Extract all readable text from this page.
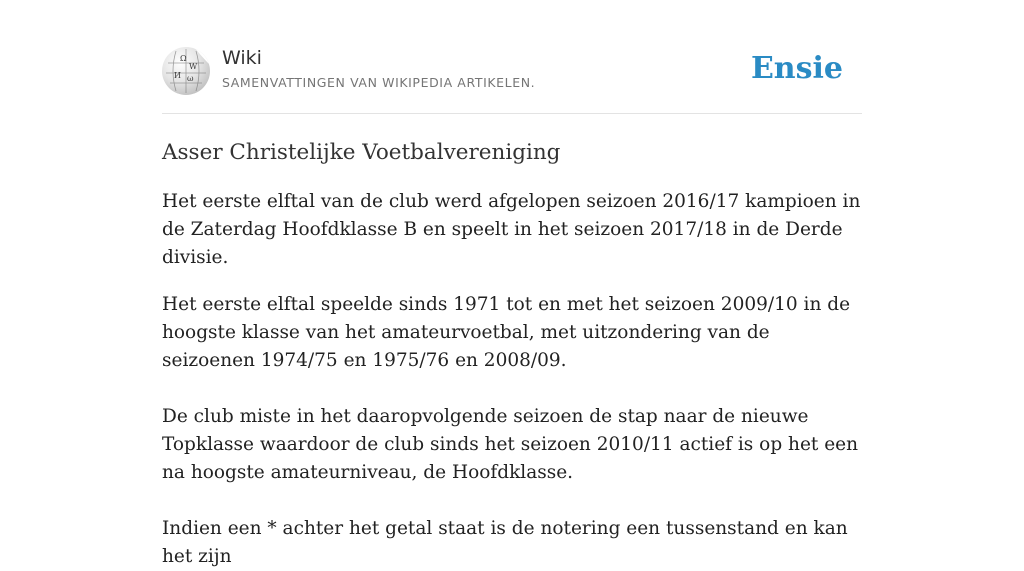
Ω
W
И ω
Wiki
SAMENVATTINGEN VAN WIKIPEDIA ARTIKELEN.	Ensie
Asser Christelijke Voetbalvereniging

Het eerste elftal van de club werd afgelopen seizoen 2016/17 kampioen in de Zaterdag Hoofdklasse B en speelt in het seizoen 2017/18 in de Derde divisie.

Het eerste elftal speelde sinds 1971 tot en met het seizoen 2009/10 in de hoogste klasse van het amateurvoetbal, met uitzondering van de seizoenen 1974/75 en 1975/76 en 2008/09.

De club miste in het daaropvolgende seizoen de stap naar de nieuwe Topklasse waardoor de club sinds het seizoen 2010/11 actief is op het een na hoogste amateurniveau, de Hoofdklasse.

Indien een * achter het getal staat is de notering een tussenstand en kan het zijn
